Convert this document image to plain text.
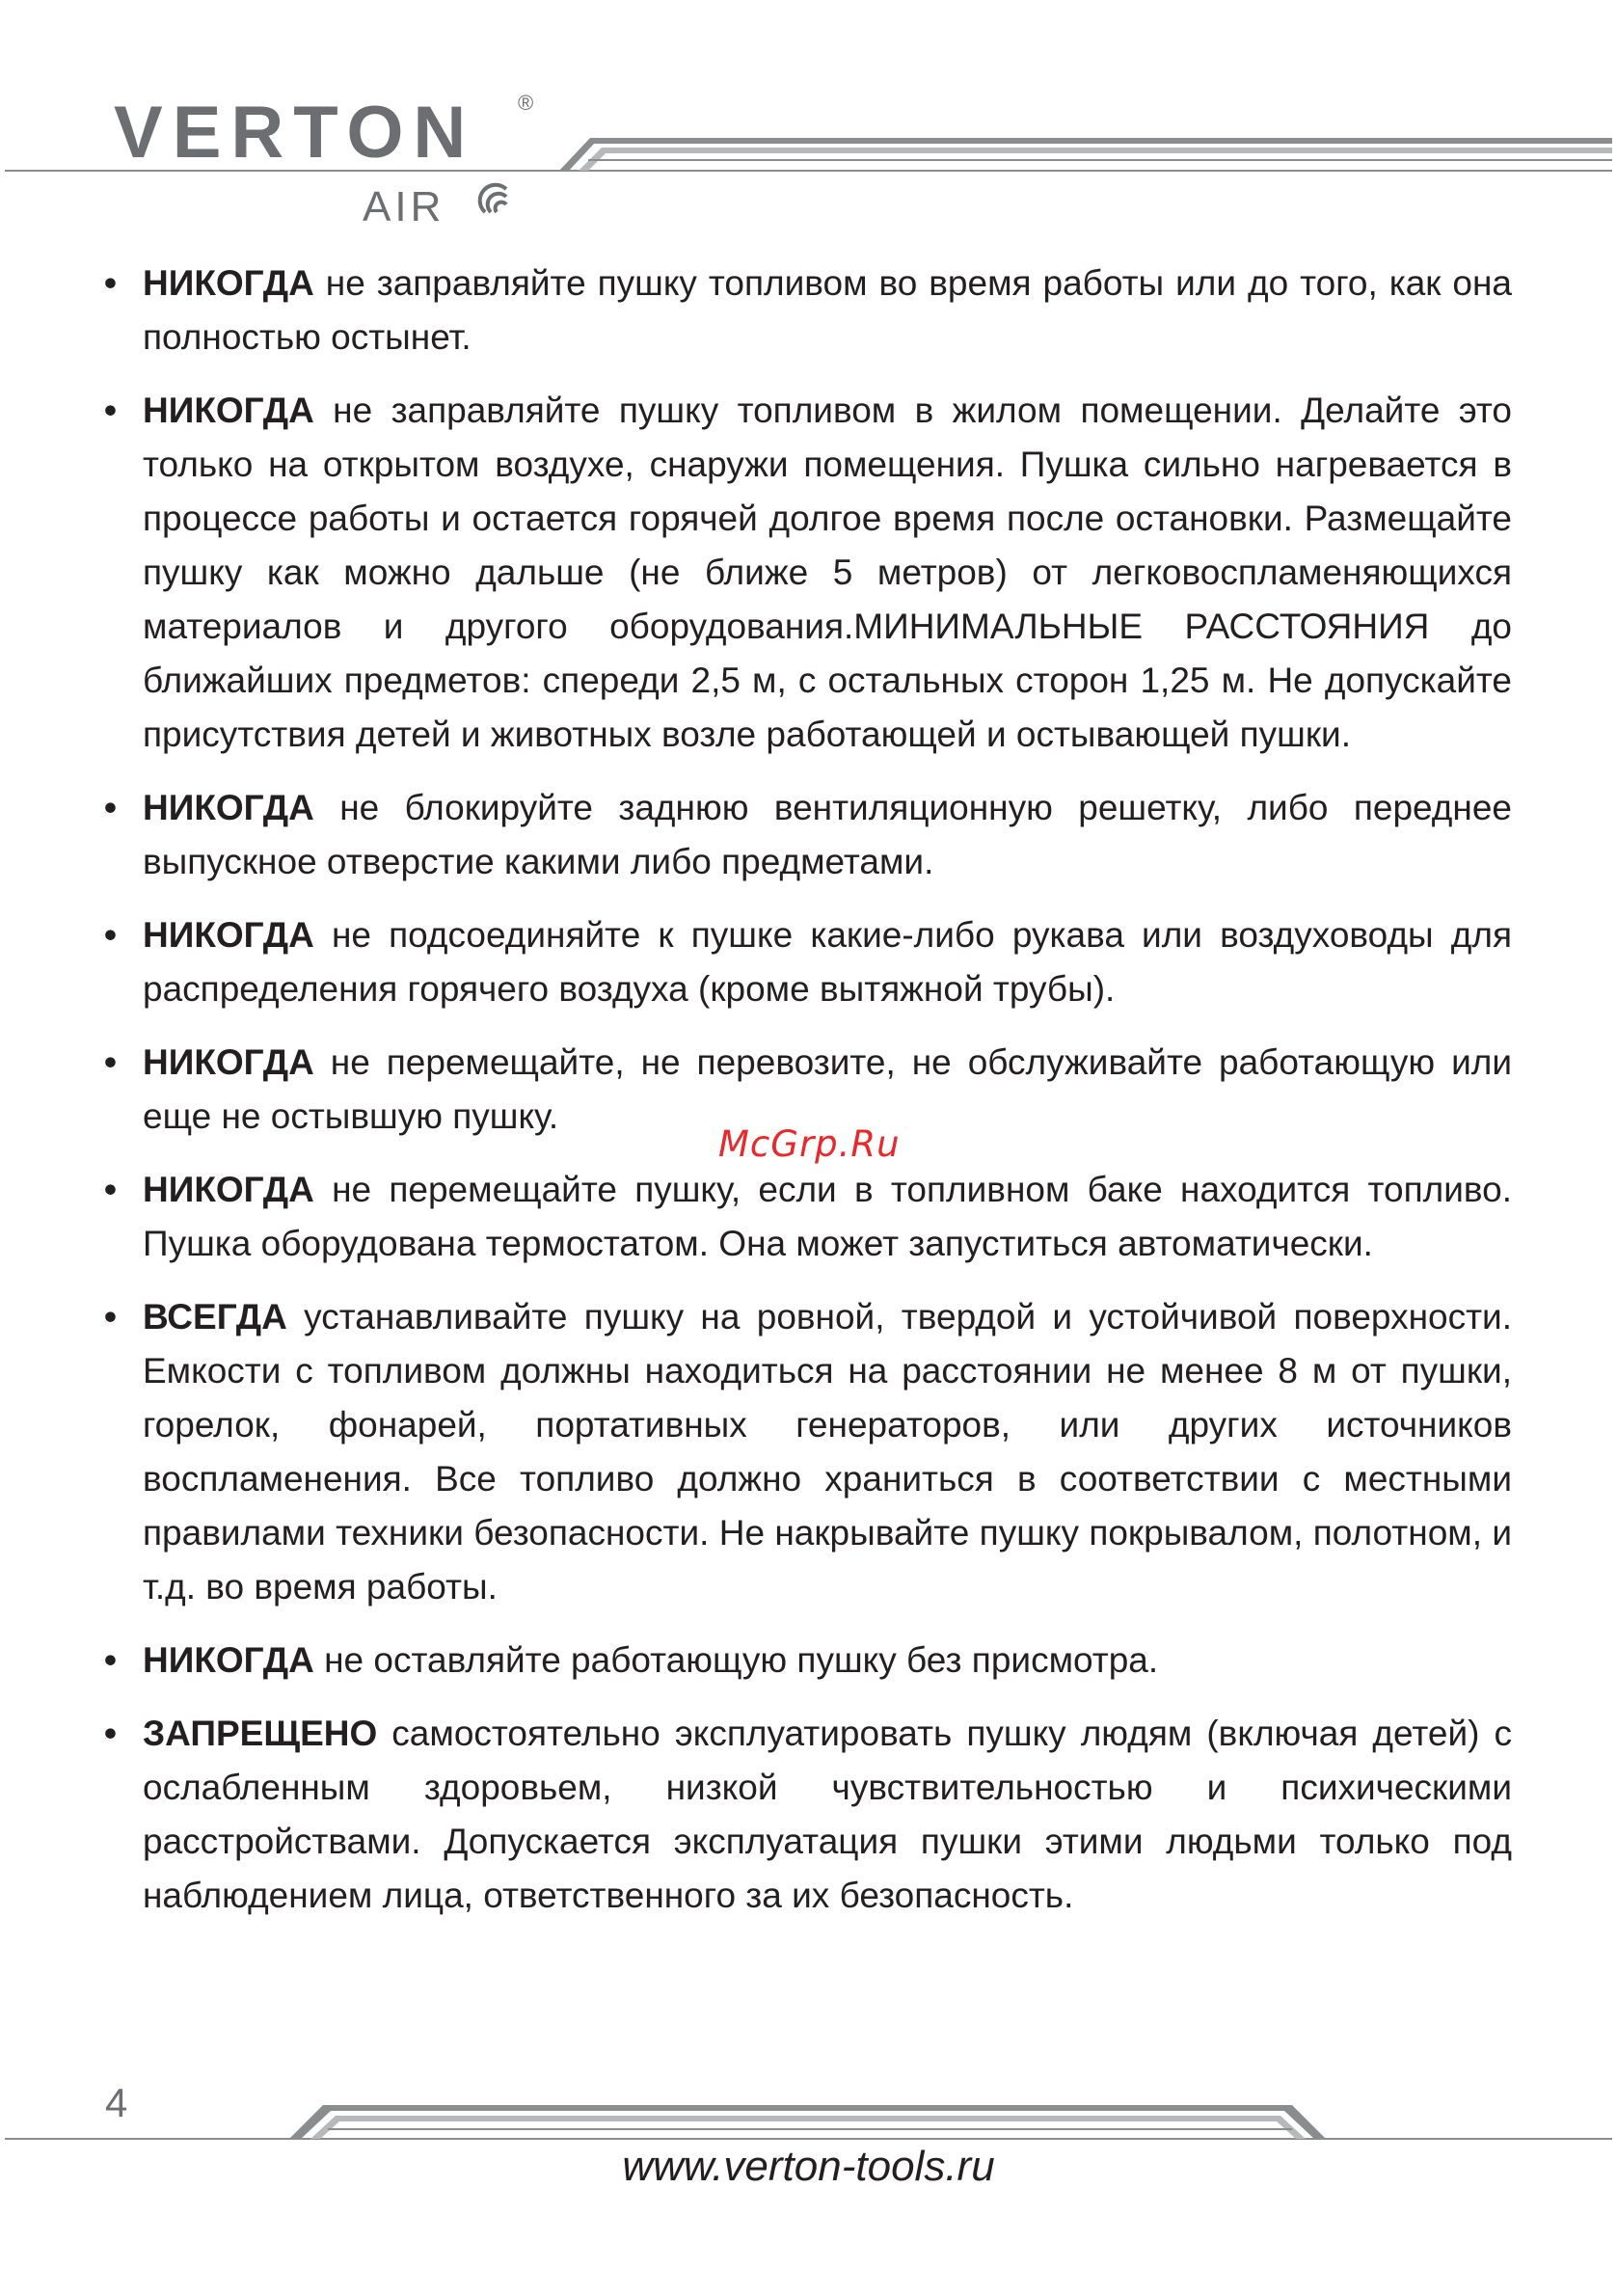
VERTON ®
AIR
• НИКОГДА не заправляйте пушку топливом во время работы или до того, как она полностью остынет.
• НИКОГДА не заправляйте пушку топливом в жилом помещении. Делайте это только на открытом воздухе, снаружи помещения. Пушка сильно нагревается в процессе работы и остается горячей долгое время после остановки. Размещайте пушку как можно дальше (не ближе 5 метров) от легковоспламеняющихся материалов и другого оборудования.МИНИМАЛЬНЫЕ РАССТОЯНИЯ до ближайших предметов: спереди 2,5 м, с остальных сторон 1,25 м. Не допускайте присутствия детей и животных возле работающей и остывающей пушки.
• НИКОГДА не блокируйте заднюю вентиляционную решетку, либо переднее выпускное отверстие какими либо предметами.
• НИКОГДА не подсоединяйте к пушке какие-либо рукава или воздуховоды для распределения горячего воздуха (кроме вытяжной трубы).
• НИКОГДА не перемещайте, не перевозите, не обслуживайте работающую или еще не остывшую пушку.
• НИКОГДА не перемещайте пушку, если в топливном баке находится топливо. Пушка оборудована термостатом. Она может запуститься автоматически.
• ВСЕГДА устанавливайте пушку на ровной, твердой и устойчивой поверхности. Емкости с топливом должны находиться на расстоянии не менее 8 м от пушки, горелок, фонарей, портативных генераторов, или других источников воспламенения. Все топливо должно храниться в соответствии с местными правилами техники безопасности. Не накрывайте пушку покрывалом, полотном, и т.д. во время работы.
• НИКОГДА не оставляйте работающую пушку без присмотра.
• ЗАПРЕЩЕНО самостоятельно эксплуатировать пушку людям (включая детей) с ослабленным здоровьем, низкой чувствительностью и психическими расстройствами. Допускается эксплуатация пушки этими людьми только под наблюдением лица, ответственного за их безопасность.
McGrp.Ru
4
www.verton-tools.ru
